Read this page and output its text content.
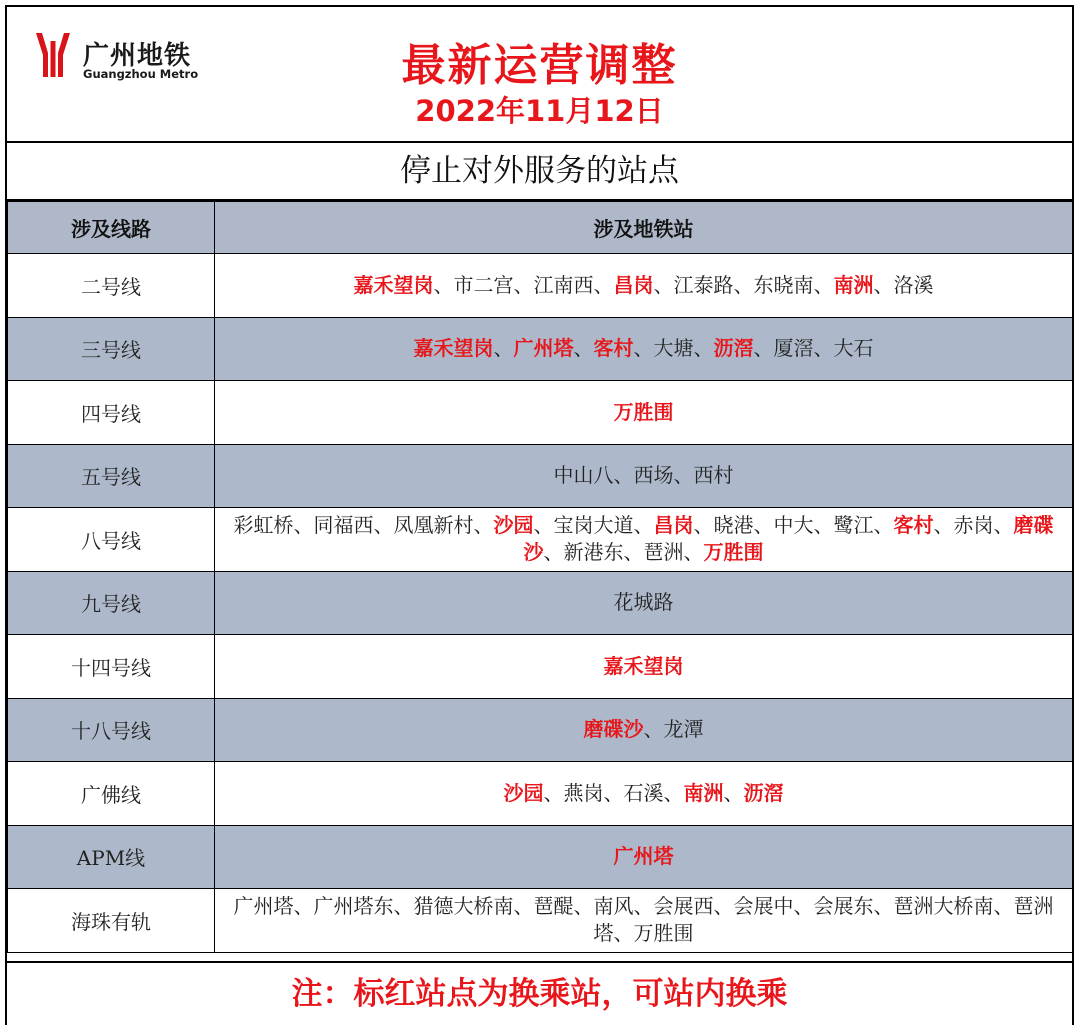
广州地铁
Guangzhou Metro	最新运营调整
2022年11月12日
停止对外服务的站点
涉及线路	涉及地铁站
二号线	嘉禾望岗、市二宫、江南西、昌岗、江泰路、东晓南、南洲、洛溪
三号线	嘉禾望岗、广州塔、客村、大塘、沥滘、厦滘、大石
四号线	万胜围
五号线	中山八、西场、西村
八号线	彩虹桥、同福西、凤凰新村、沙园、宝岗大道、昌岗、晓港、中大、鹭江、客村、赤岗、磨碟沙、新港东、琶洲、万胜围
九号线	花城路
十四号线	嘉禾望岗
十八号线	磨碟沙、龙潭
广佛线	沙园、燕岗、石溪、南洲、沥滘
APM线	广州塔
海珠有轨	广州塔、广州塔东、猎德大桥南、琶醍、南风、会展西、会展中、会展东、琶洲大桥南、琶洲塔、万胜围
注：标红站点为换乘站，可站内换乘
